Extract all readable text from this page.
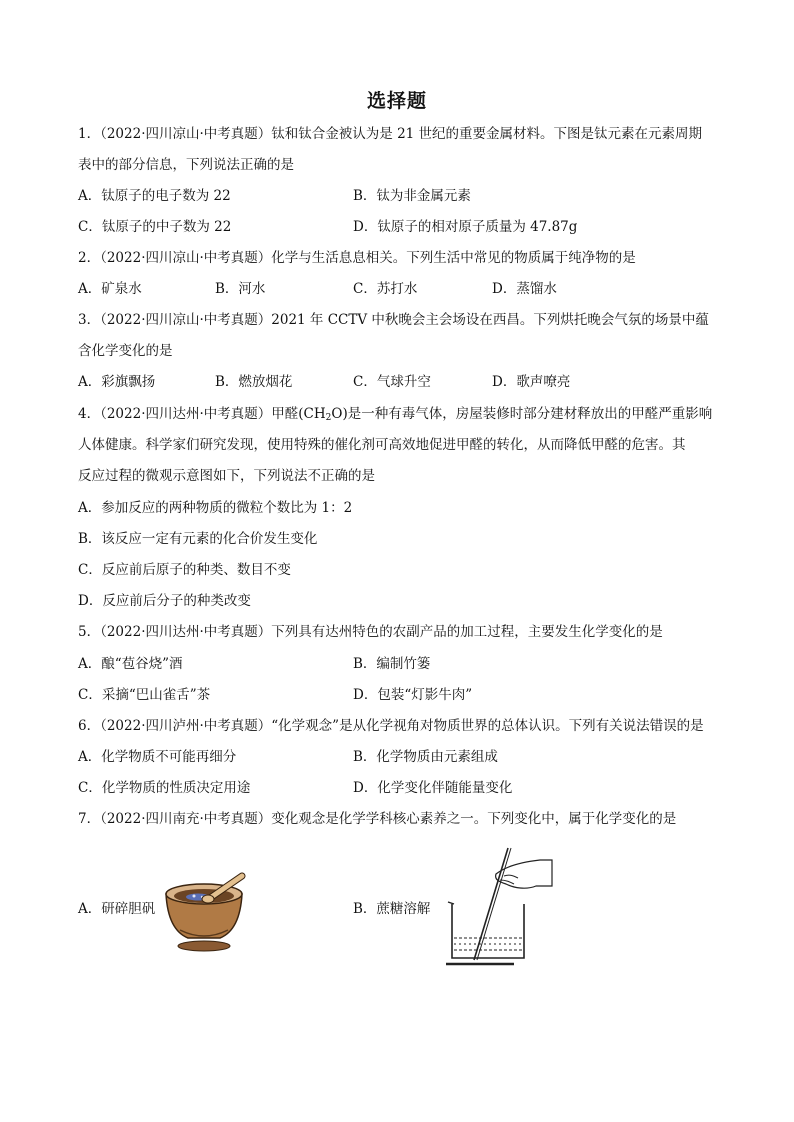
选择题
1．（2022·四川凉山·中考真题）钛和钛合金被认为是 21 世纪的重要金属材料。下图是钛元素在元素周期
表中的部分信息，下列说法正确的是
A．钛原子的电子数为 22	B．钛为非金属元素
C．钛原子的中子数为 22	D．钛原子的相对原子质量为 47.87g
2．（2022·四川凉山·中考真题）化学与生活息息相关。下列生活中常见的物质属于纯净物的是
A．矿泉水	B．河水	C．苏打水	D．蒸馏水
3．（2022·四川凉山·中考真题）2021 年 CCTV 中秋晚会主会场设在西昌。下列烘托晚会气氛的场景中蕴
含化学变化的是
A．彩旗飘扬	B．燃放烟花	C．气球升空	D．歌声嘹亮
4．（2022·四川达州·中考真题）甲醛$(CH_2O)$是一种有毒气体，房屋装修时部分建材释放出的甲醛严重影响
人体健康。科学家们研究发现，使用特殊的催化剂可高效地促进甲醛的转化，从而降低甲醛的危害。其
反应过程的微观示意图如下，下列说法不正确的是
A．参加反应的两种物质的微粒个数比为 1：2
B．该反应一定有元素的化合价发生变化
C．反应前后原子的种类、数目不变
D．反应前后分子的种类改变
5．（2022·四川达州·中考真题）下列具有达州特色的农副产品的加工过程，主要发生化学变化的是
A．酿“苞谷烧”酒	B．编制竹篓
C．采摘“巴山雀舌”茶	D．包装“灯影牛肉”
6．（2022·四川泸州·中考真题）“化学观念”是从化学视角对物质世界的总体认识。下列有关说法错误的是
A．化学物质不可能再细分	B．化学物质由元素组成
C．化学物质的性质决定用途	D．化学变化伴随能量变化
7．（2022·四川南充·中考真题）变化观念是化学学科核心素养之一。下列变化中，属于化学变化的是
A．研碎胆矾	B．蔗糖溶解
